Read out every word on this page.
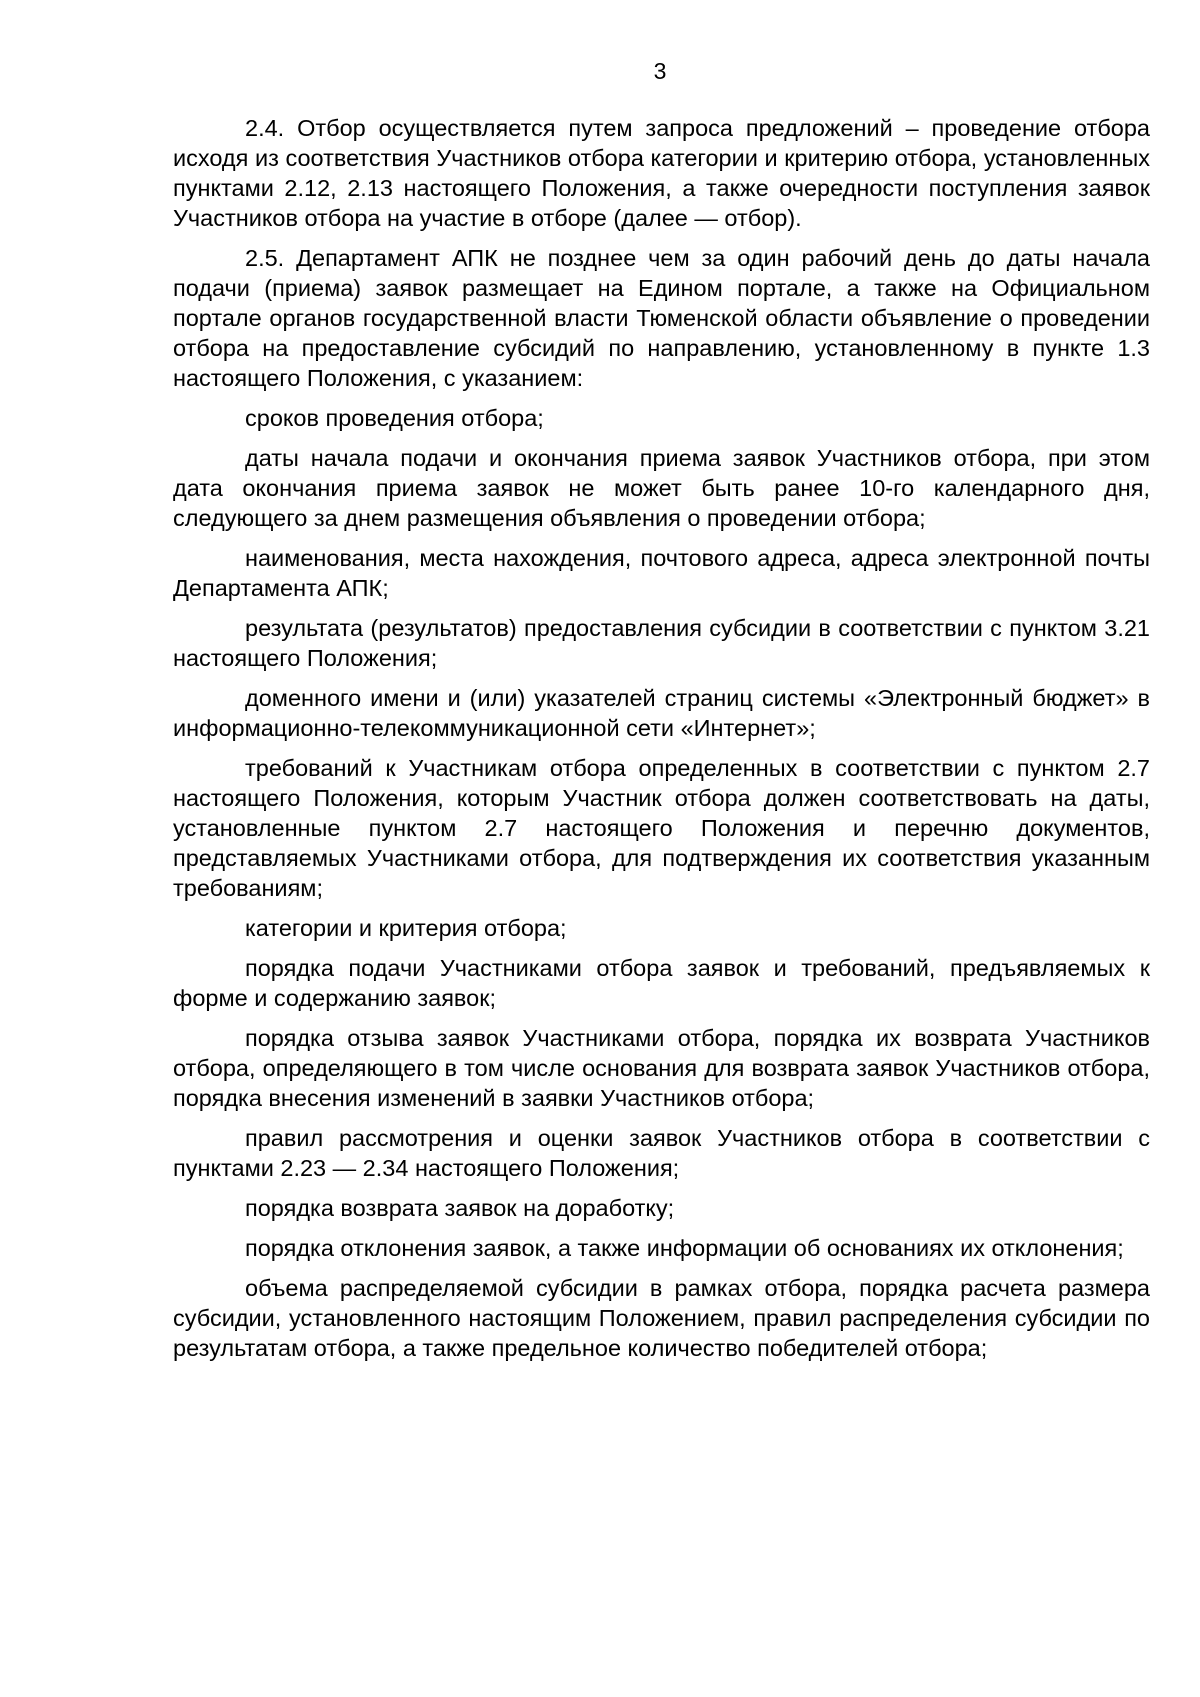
3

2.4. Отбор осуществляется путем запроса предложений – проведение отбора исходя из соответствия Участников отбора категории и критерию отбора, установленных пунктами 2.12, 2.13 настоящего Положения, а также очередности поступления заявок Участников отбора на участие в отборе (далее — отбор).

2.5. Департамент АПК не позднее чем за один рабочий день до даты начала подачи (приема) заявок размещает на Едином портале, а также на Официальном портале органов государственной власти Тюменской области объявление о проведении отбора на предоставление субсидий по направлению, установленному в пункте 1.3 настоящего Положения, с указанием:

сроков проведения отбора;

даты начала подачи и окончания приема заявок Участников отбора, при этом дата окончания приема заявок не может быть ранее 10-го календарного дня, следующего за днем размещения объявления о проведении отбора;

наименования, места нахождения, почтового адреса, адреса электронной почты Департамента АПК;

результата (результатов) предоставления субсидии в соответствии с пунктом 3.21 настоящего Положения;

доменного имени и (или) указателей страниц системы «Электронный бюджет» в информационно-телекоммуникационной сети «Интернет»;

требований к Участникам отбора определенных в соответствии с пунктом 2.7 настоящего Положения, которым Участник отбора должен соответствовать на даты, установленные пунктом 2.7 настоящего Положения и перечню документов, представляемых Участниками отбора, для подтверждения их соответствия указанным требованиям;

категории и критерия отбора;

порядка подачи Участниками отбора заявок и требований, предъявляемых к форме и содержанию заявок;

порядка отзыва заявок Участниками отбора, порядка их возврата Участников отбора, определяющего в том числе основания для возврата заявок Участников отбора, порядка внесения изменений в заявки Участников отбора;

правил рассмотрения и оценки заявок Участников отбора в соответствии с пунктами 2.23 — 2.34 настоящего Положения;

порядка возврата заявок на доработку;

порядка отклонения заявок, а также информации об основаниях их отклонения;

объема распределяемой субсидии в рамках отбора, порядка расчета размера субсидии, установленного настоящим Положением, правил распределения субсидии по результатам отбора, а также предельное количество победителей отбора;
